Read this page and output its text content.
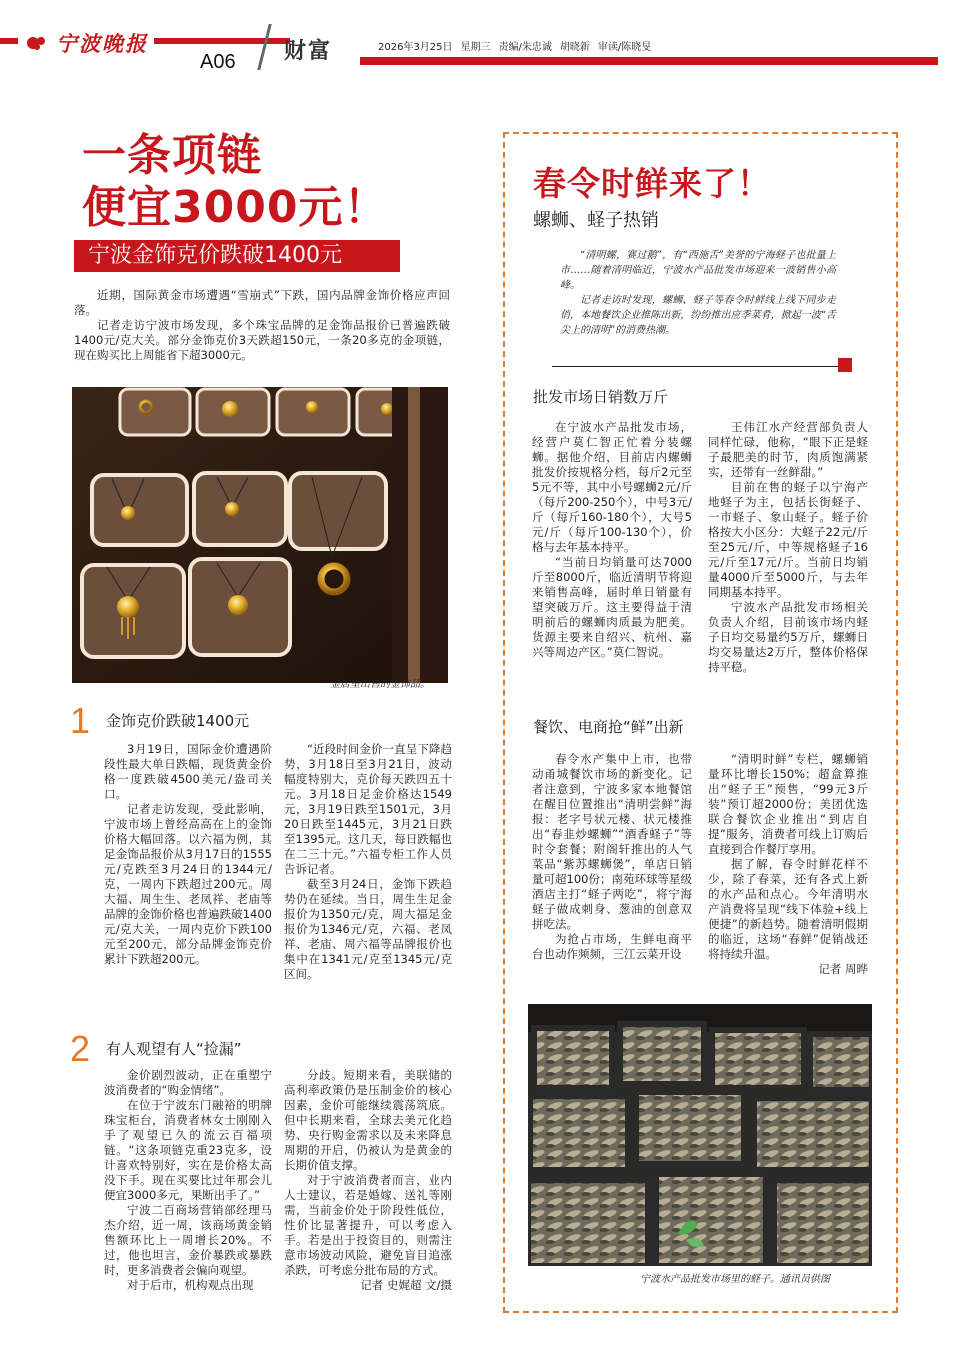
宁波晚报
A06 财富	2026年3月25日 星期三 责编/朱忠诚 胡晓新 审读/陈晓旻
一条项链
便宜3000元！
宁波金饰克价跌破1400元

近期，国际黄金市场遭遇“雪崩式”下跌，国内品牌金饰价格应声回落。

记者走访宁波市场发现，多个珠宝品牌的足金饰品报价已普遍跌破1400元/克大关。部分金饰克价3天跌超150元，一条20多克的金项链，现在购买比上周能省下超3000元。

金店里出售的金饰品。
1 金饰克价跌破1400元

3月19日，国际金价遭遇阶段性最大单日跌幅，现货黄金价格一度跌破4500美元/盎司关口。

记者走访发现，受此影响，宁波市场上曾经高高在上的金饰价格大幅回落。以六福为例，其足金饰品报价从3月17日的1555元/克跌至3月24日的1344元/克，一周内下跌超过200元。周大福、周生生、老凤祥、老庙等品牌的金饰价格也普遍跌破1400元/克大关，一周内克价下跌100元至200元，部分品牌金饰克价累计下跌超200元。

“近段时间金价一直呈下降趋势，3月18日至3月21日，波动幅度特别大，克价每天跌四五十元。3月18日足金价格达1549元，3月19日跌至1501元，3月20日跌至1445元，3月21日跌至1395元。这几天，每日跌幅也在二三十元。”六福专柜工作人员告诉记者。

截至3月24日，金饰下跌趋势仍在延续。当日，周生生足金报价为1350元/克，周大福足金报价为1346元/克，六福、老凤祥、老庙、周六福等品牌报价也集中在1341元/克至1345元/克区间。

2 有人观望有人“捡漏”

金价剧烈波动，正在重塑宁波消费者的“购金情绪”。

在位于宁波东门融裕的明牌珠宝柜台，消费者林女士刚刚入手了观望已久的流云百福项链。“这条项链克重23克多，设计喜欢特别好，实在是价格太高没下手。现在买要比过年那会儿便宜3000多元，果断出手了。”

宁波二百商场营销部经理马杰介绍，近一周，该商场黄金销售额环比上一周增长20%。不过，他也坦言，金价暴跌或暴跌时，更多消费者会偏向观望。

对于后市，机构观点出现

分歧。短期来看，美联储的高利率政策仍是压制金价的核心因素，金价可能继续震荡筑底。但中长期来看，全球去美元化趋势、央行购金需求以及未来降息周期的开启，仍被认为是黄金的长期价值支撑。

对于宁波消费者而言，业内人士建议，若是婚嫁、送礼等刚需，当前金价处于阶段性低位，性价比显著提升，可以考虑入手。若是出于投资目的，则需注意市场波动风险，避免盲目追涨杀跌，可考虑分批布局的方式。

记者 史娓超 文/摄
春令时鲜来了！
螺蛳、蛏子热销

“清明螺，赛过鹅”，有“西施舌”美誉的宁海蛏子也批量上市……随着清明临近，宁波水产品批发市场迎来一波销售小高峰。

记者走访时发现，螺蛳、蛏子等春令时鲜线上线下同步走俏，本地餐饮企业推陈出新，纷纷推出应季菜肴，掀起一波“舌尖上的清明”的消费热潮。

批发市场日销数万斤

在宁波水产品批发市场，经营户莫仁智正忙着分装螺蛳。据他介绍，目前店内螺蛳批发价按规格分档，每斤2元至5元不等，其中小号螺蛳2元/斤（每斤200-250个），中号3元/斤（每斤160-180个），大号5元/斤（每斤100-130个），价格与去年基本持平。

“当前日均销量可达7000斤至8000斤，临近清明节将迎来销售高峰，届时单日销量有望突破万斤。这主要得益于清明前后的螺蛳肉质最为肥美。货源主要来自绍兴、杭州、嘉兴等周边产区。”莫仁智说。

王伟江水产经营部负责人同样忙碌，他称，“眼下正是蛏子最肥美的时节，肉质饱满紧实，还带有一丝鲜甜。”

目前在售的蛏子以宁海产地蛏子为主，包括长街蛏子、一市蛏子、象山蛏子。蛏子价格按大小区分：大蛏子22元/斤至25元/斤，中等规格蛏子16元/斤至17元/斤。当前日均销量4000斤至5000斤，与去年同期基本持平。

宁波水产品批发市场相关负责人介绍，目前该市场内蛏子日均交易量约5万斤，螺蛳日均交易量达2万斤，整体价格保持平稳。

餐饮、电商抢“鲜”出新

春令水产集中上市，也带动甬城餐饮市场的新变化。记者注意到，宁波多家本地餐馆在醒目位置推出“清明尝鲜”海报：老字号状元楼、状元楼推出“春韭炒螺蛳”“酒香蛏子”等时令套餐；附阁轩推出的人气菜品“紫苏螺蛳煲”，单店日销量可超100份；南苑环球等星级酒店主打“蛏子两吃”，将宁海蛏子做成刺身、葱油的创意双拼吃法。

为抢占市场，生鲜电商平台也动作频频，三江云菜开设

“清明时鲜”专栏，螺蛳销量环比增长150%；超盒算推出“蛏子王”预售，“99元3斤装”预订超2000份；美团优选联合餐饮企业推出“到店自提”服务，消费者可线上订购后直接到合作餐厅享用。

据了解，春令时鲜花样不少，除了春菜，还有各式上新的水产品和点心。今年清明水产消费将呈现“线下体验+线上便捷”的新趋势。随着清明假期的临近，这场“春鲜”促销战还将持续升温。

记者 周晔
宁波水产品批发市场里的蛏子。通讯员供图
